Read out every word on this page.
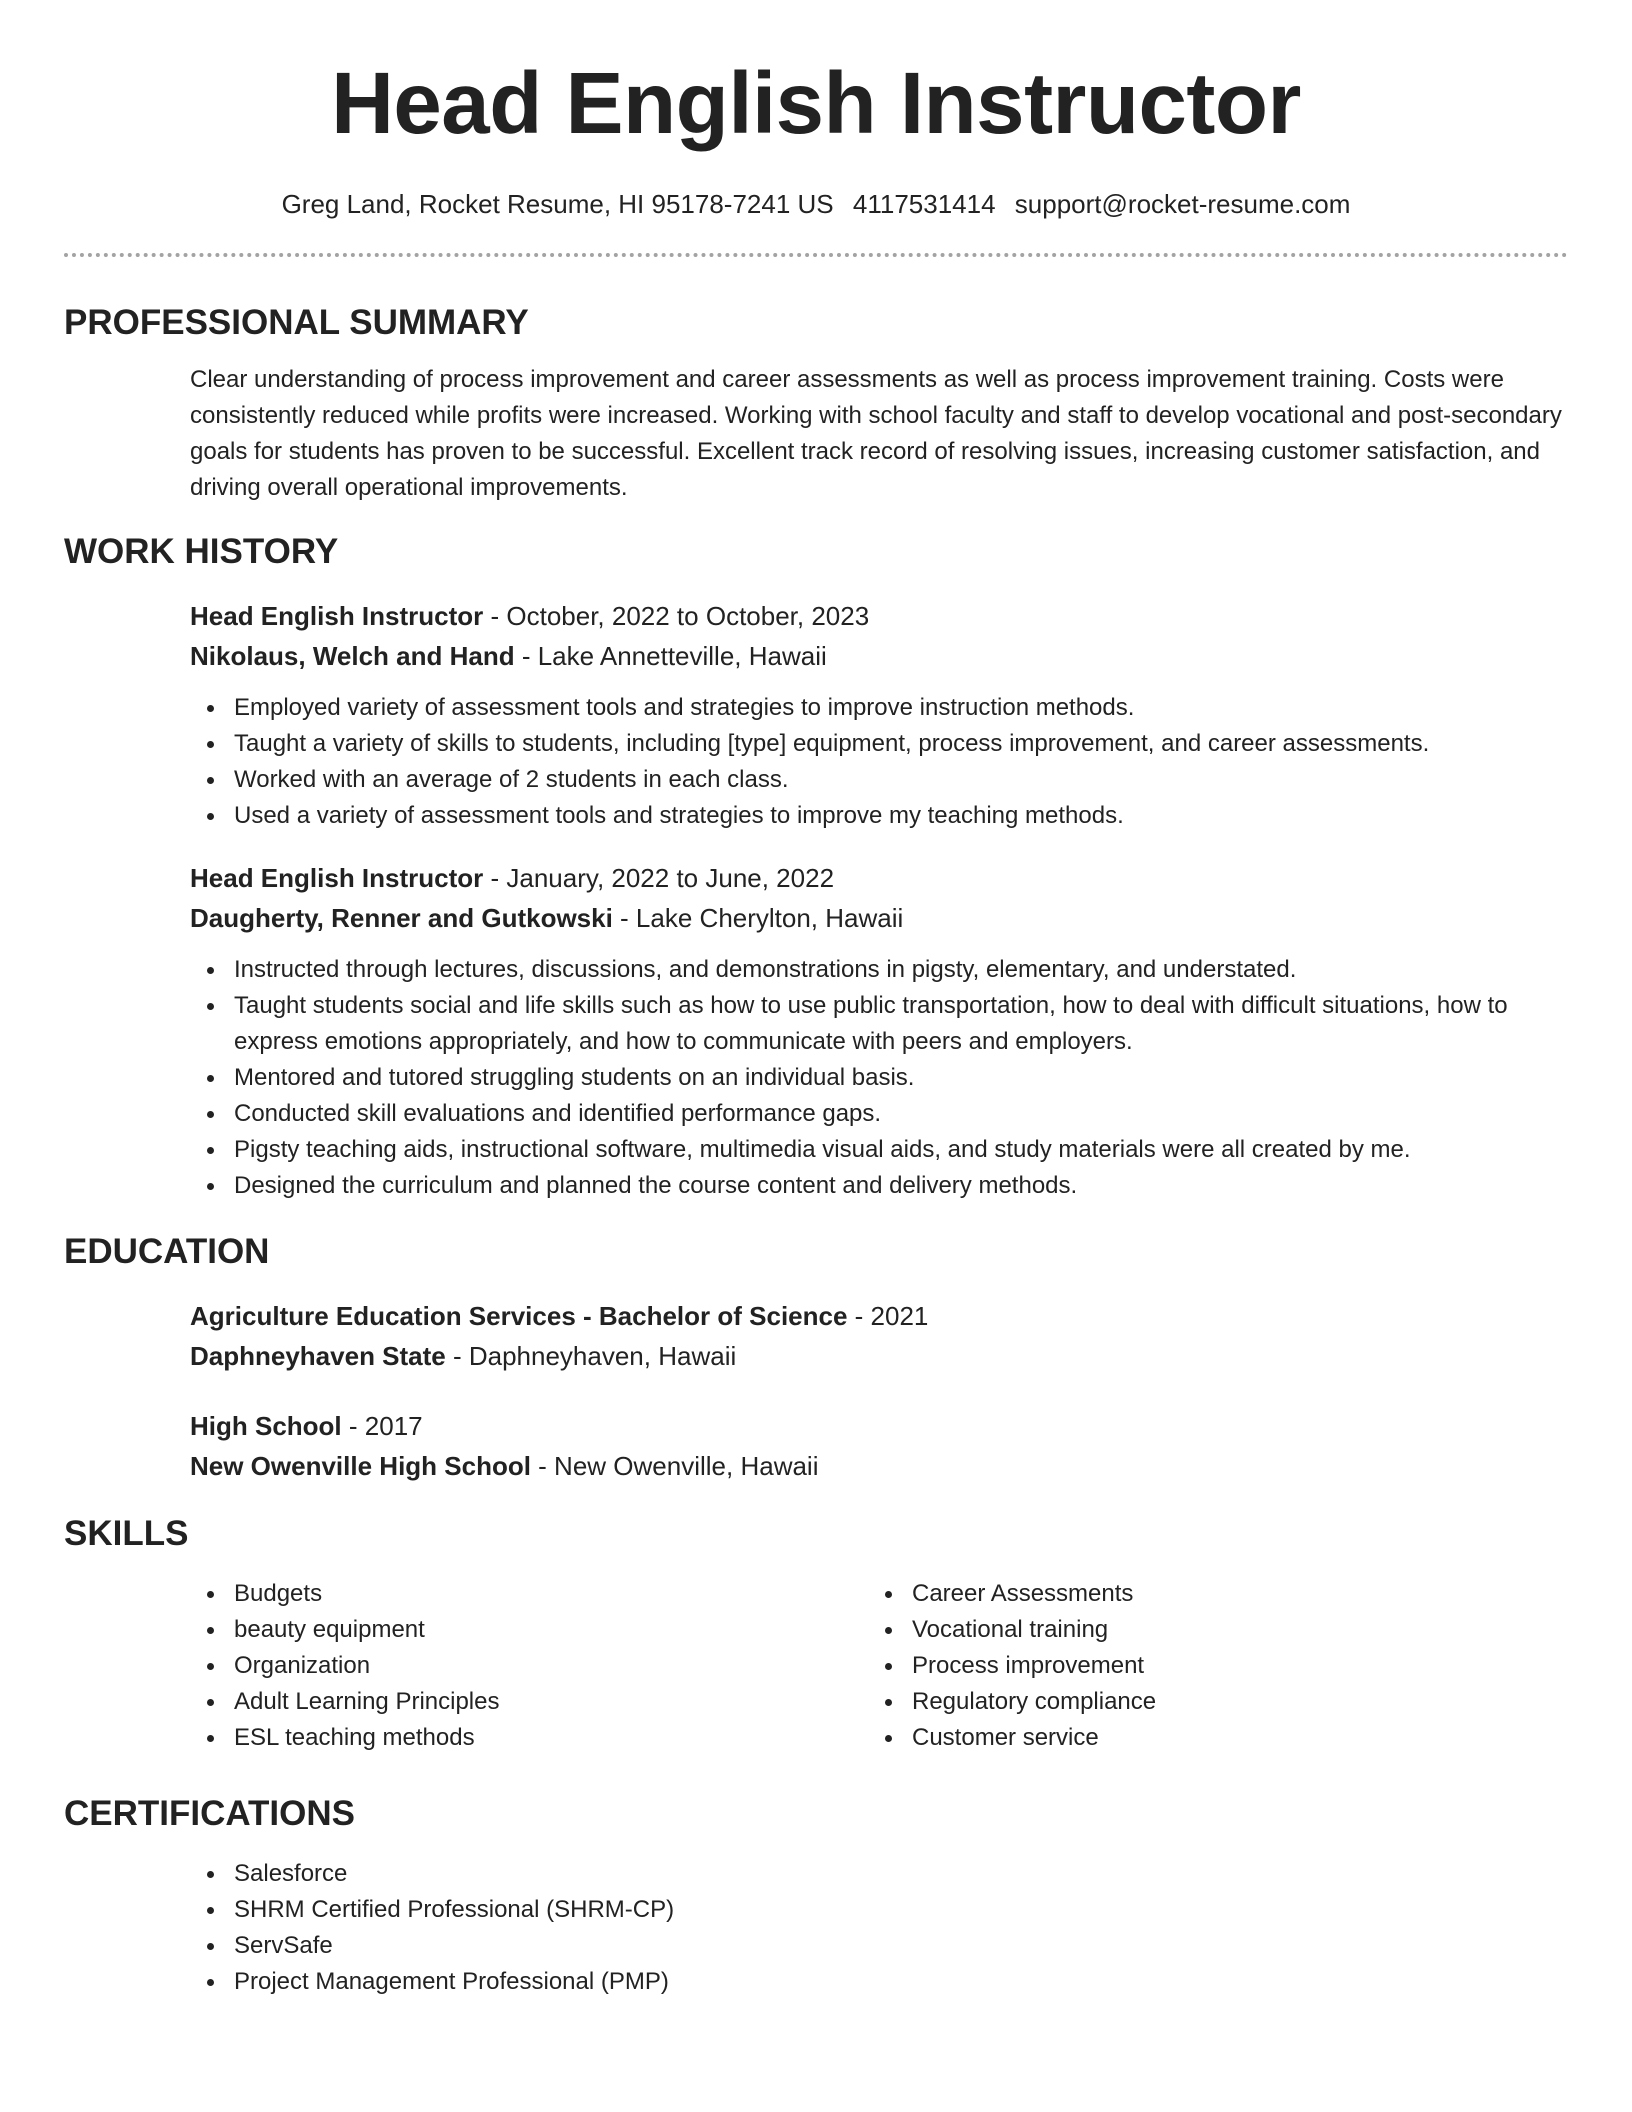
Head English Instructor
Greg Land, Rocket Resume, HI 95178-7241 US 4117531414 support@rocket-resume.com
PROFESSIONAL SUMMARY

Clear understanding of process improvement and career assessments as well as process improvement training. Costs were consistently reduced while profits were increased. Working with school faculty and staff to develop vocational and post-secondary goals for students has proven to be successful. Excellent track record of resolving issues, increasing customer satisfaction, and driving overall operational improvements.

WORK HISTORY
Head English Instructor - October, 2022 to October, 2023
Nikolaus, Welch and Hand - Lake Annetteville, Hawaii
Employed variety of assessment tools and strategies to improve instruction methods.
Taught a variety of skills to students, including [type] equipment, process improvement, and career assessments.
Worked with an average of 2 students in each class.
Used a variety of assessment tools and strategies to improve my teaching methods.
Head English Instructor - January, 2022 to June, 2022
Daugherty, Renner and Gutkowski - Lake Cherylton, Hawaii
Instructed through lectures, discussions, and demonstrations in pigsty, elementary, and understated.
Taught students social and life skills such as how to use public transportation, how to deal with difficult situations, how to express emotions appropriately, and how to communicate with peers and employers.
Mentored and tutored struggling students on an individual basis.
Conducted skill evaluations and identified performance gaps.
Pigsty teaching aids, instructional software, multimedia visual aids, and study materials were all created by me.
Designed the curriculum and planned the course content and delivery methods.
EDUCATION
Agriculture Education Services - Bachelor of Science - 2021
Daphneyhaven State - Daphneyhaven, Hawaii
High School - 2017
New Owenville High School - New Owenville, Hawaii
SKILLS
Budgets
beauty equipment
Organization
Adult Learning Principles
ESL teaching methods
Career Assessments
Vocational training
Process improvement
Regulatory compliance
Customer service
CERTIFICATIONS
Salesforce
SHRM Certified Professional (SHRM-CP)
ServSafe
Project Management Professional (PMP)
